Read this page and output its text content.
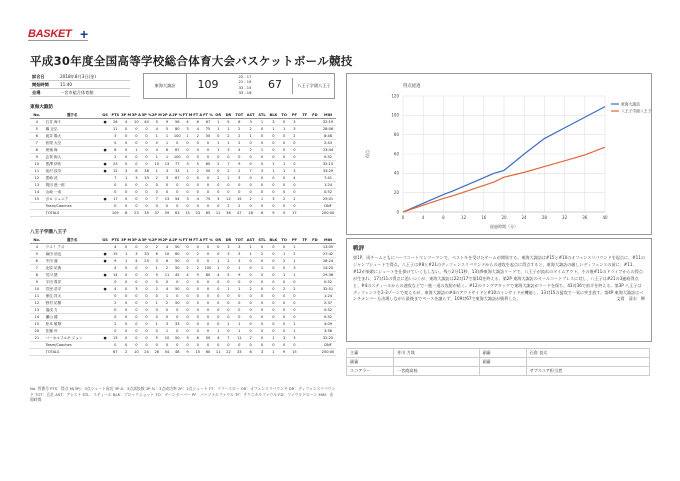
BASKET +
平成30年度全国高等学校総合体育大会バスケットボール競技
試合日	2018年8月3日(金)
開始時間	11:40
会場	一宮市総合体育館
東海大諏訪	109
22 - 17
21 - 19
33 - 15
33 - 16
67	八王子学園八王子
東海大諏訪
No.	選手名	GS	PTS	3P M	3P A	3P %	2P M	2P A	2P %	FT M	FT A	FT %	OR	DR	TOT	AST	STL	BLK	TO	PF	TF	FD	MIN
4	石井 海斗	●	26	4	10	40	5	9	56	4	6	67	1	5	6	3	1	3	0	3			32:19
5	橋 正弘		11	0	0	0	4	5	80	3	4	75	1	1	2	2	0	1	1	3			28:06
6	坂井 陽大		3	0	0	0	1	1	100	1	2	50	0	2	2	1	0	0	0	2			8:48
7	松岡 大空		0	0	0	0	0	1	0	0	0	0	1	1	2	0	0	0	0	0			2:43
8	荷嶺 海	●	8	0	1	0	4	6	67	0	0	0	1	3	4	2	1	0	0	0			23:44
9	志賀 絢人		2	0	0	0	1	1	100	0	0	0	0	0	0	0	0	0	0	0			0:52
10	黒澤 伊吹	●	23	0	0	0	10	13	77	3	5	60	2	7	9	0	0	1	1	0			32:15
11	前沢 紋奈	●	12	3	8	38	1	3	33	1	2	50	0	2	2	7	3	1	1	3			33:29
12	黒崎 洸		7	1	3	33	2	3	67	0	0	0	2	1	3	0	0	0	0	4			7:41
13	岡田 進一郎		0	0	0	0	0	0	0	0	0	0	0	0	0	0	0	0	0	0			1:24
14	山崎 一成		0	0	0	0	0	0	0	0	0	0	0	0	0	0	0	0	0	0			0:52
15	ガロ ジュニア	●	17	0	0	0	7	13	54	3	4	75	3	12	15	2	1	3	2	2			29:01
	Team/Coaches		0	0	0	0	0	0	0	0	0	0	0	2	2	0	0	0	0	0			DNF
	TOTALS		109	8	23	35	37	59	63	15	23	65	11	36	47	18	6	9	5	17			200:00
八王子学園八王子
No.	選手名	GS	PTS	3P M	3P A	3P %	2P M	2P A	2P %	FT M	FT A	FT %	OR	DR	TOT	AST	STL	BLK	TO	PF	TF	FD	MIN
4	ウスミ アズ		4	0	0	0	2	4	50	0	0	0	0	3	3	1	0	0	0	1			13:05
5	麻田 治也	●	15	1	3	33	6	10	60	0	2	0	0	3	3	1	2	0	1	2			27:42
6	中田 遼	●	9	1	4	25	3	6	50	0	0	0	1	2	3	0	0	0	2	1			28:24
7	北原 祐典		4	0	0	0	1	2	50	2	2	100	1	0	1	0	1	0	0	3			14:20
8	荒川 凱	●	14	0	0	0	5	11	45	4	5	80	4	5	9	0	0	0	1	1			29:36
9	宇田 貴洋		0	0	0	0	0	0	0	0	0	0	0	0	0	0	0	0	0	0			0:52
10	宮里 浩平	●	4	0	3	0	2	4	50	0	0	0	0	1	1	2	0	0	2	2			32:51
11	保住 祥太		0	0	0	0	0	1	0	0	0	0	0	0	0	0	0	0	0	0			1:24
12	野村 祐樹		2	0	0	0	1	2	50	0	0	0	0	0	0	0	0	0	0	0			2:37
13	湯浅 力		0	0	0	0	0	0	0	0	0	0	0	0	0	0	0	0	0	0			0:52
14	瀬山 健		0	0	0	0	0	0	0	0	0	0	0	0	0	0	0	0	0	0			0:52
15	松本 敏則		2	0	0	0	1	3	33	0	0	0	0	1	1	0	0	0	0	1			4:09
20	佐藤 叶		0	0	0	0	0	1	0	0	0	0	1	0	1	0	0	0	0	1			3:56
21	バーカルフルギ ジョン	●	13	0	0	0	5	10	50	3	6	50	4	7	11	2	0	1	3	3			32:25
	Team/Coaches		0	0	0	0	0	0	0	0	0	0	0	0	0	0	0	0	0	0			DNF
	TOTALS		67	2	10	20	26	54	48	9	15	60	11	22	33	6	3	1	9	15			200:00
得点経過
0
20
40
60
80
100
120
0	4	8	12	16	20	24	28	32	36	40
得点
経過時間（分）
東海大諏訪
八王子学園八王子
戦評
第1P、両チームともにハーフコートマンツーマンで、ベストキを受けたゲームが開始する。東海大諏訪は#15と#10のオフェンスリバウンドを起点に、#11のジャンプシュートで得点。八王子は#8と#21のディフェンスリバウンドからの速攻を起点に得点すると、東海大諏訪の厳しいディフェンスの前に、#11、#12が果敢にシュートを仕掛けていくもしない。残り2分11秒、13対9東海大諏訪リードで、八王子が流れのタイムアウト。その後#11のドライブからの得点が生まれ、17対11の得点に追いつくが、東海大諏訪は22対17で第1Qを終える。第2P 東海大諏訪のオールコートプレスに対し、八王子は#21の3連続得点と、#4のスティールからの速攻などで一進一退の攻防が続く。#12のリングアタックで東海大諏訪がリードを保ち、43対36で前半を終える。第3P 八王子はディフェンスを2-3ゾーンで変えるが、東海大諏訪の#4のアウトサイドと#10のインサイドが機能し、33対15の猛攻で一気に突き放す。第4P 東海大諏訪はベンチメンバーも出場しながら最後までペースを譲らず、109対67で東海大諏訪が勝利した。	文責　清水　輝
主審	井川 力哉	副審	石倉 良太
副審		副審	
スコアラー	一宮商高校		サブスコア担当者
No. 背番号 PTS：得点 M(3P)：3点シュート成功 3P A：3点試投数 3P %：3点成功率 2P：2点シュート FT：フリースロー OR：オフェンスリバウンド DR：ディフェンスリバウンド TOT：合計 AST：アシスト STL：スティール BLK：ブロックショット TO：ターンオーバー PF：パーソナルファウル TF：テクニカルファウル FD：ファウルドローン MIN：出場時間
